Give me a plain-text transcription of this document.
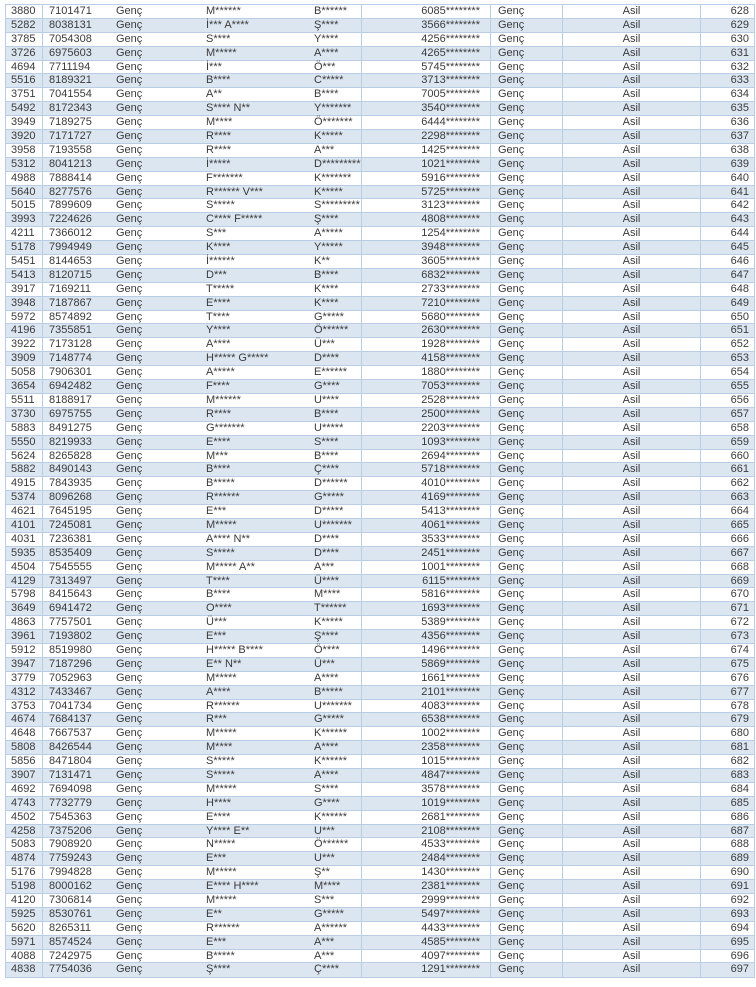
3880	7101471	Genç	M******	B******	6085********	Genç	Asil	628
5282	8038131	Genç	İ*** A****	Ş****	3566********	Genç	Asil	629
3785	7054308	Genç	S****	Y****	4256********	Genç	Asil	630
3726	6975603	Genç	M*****	A****	4265********	Genç	Asil	631
4694	7711194	Genç	İ***	Ö***	5745********	Genç	Asil	632
5516	8189321	Genç	B****	C*****	3713********	Genç	Asil	633
3751	7041554	Genç	A**	B****	7005********	Genç	Asil	634
5492	8172343	Genç	S**** N**	Y*******	3540********	Genç	Asil	635
3949	7189275	Genç	M****	Ö*******	6444********	Genç	Asil	636
3920	7171727	Genç	R****	K*****	2298********	Genç	Asil	637
3958	7193558	Genç	R****	A***	1425********	Genç	Asil	638
5312	8041213	Genç	İ*****	D*********	1021********	Genç	Asil	639
4988	7888414	Genç	F*******	K*******	5916********	Genç	Asil	640
5640	8277576	Genç	R****** V***	K*****	5725********	Genç	Asil	641
5015	7899609	Genç	S*****	S*********	3123********	Genç	Asil	642
3993	7224626	Genç	C**** F*****	Ş****	4808********	Genç	Asil	643
4211	7366012	Genç	S***	A*****	1254********	Genç	Asil	644
5178	7994949	Genç	K****	Y*****	3948********	Genç	Asil	645
5451	8144653	Genç	İ******	K**	3605********	Genç	Asil	646
5413	8120715	Genç	D***	B****	6832********	Genç	Asil	647
3917	7169211	Genç	T*****	K****	2733********	Genç	Asil	648
3948	7187867	Genç	E****	K****	7210********	Genç	Asil	649
5972	8574892	Genç	T****	G*****	5680********	Genç	Asil	650
4196	7355851	Genç	Y****	Ö******	2630********	Genç	Asil	651
3922	7173128	Genç	A****	Ü***	1928********	Genç	Asil	652
3909	7148774	Genç	H***** G*****	D****	4158********	Genç	Asil	653
5058	7906301	Genç	A*****	E******	1880********	Genç	Asil	654
3654	6942482	Genç	F****	G****	7053********	Genç	Asil	655
5511	8188917	Genç	M******	U****	2528********	Genç	Asil	656
3730	6975755	Genç	R****	B****	2500********	Genç	Asil	657
5883	8491275	Genç	G*******	U*****	2203********	Genç	Asil	658
5550	8219933	Genç	E****	S****	1093********	Genç	Asil	659
5624	8265828	Genç	M***	B****	2694********	Genç	Asil	660
5882	8490143	Genç	B****	Ç****	5718********	Genç	Asil	661
4915	7843935	Genç	B*****	D******	4010********	Genç	Asil	662
5374	8096268	Genç	R******	G*****	4169********	Genç	Asil	663
4621	7645195	Genç	E***	D*****	5413********	Genç	Asil	664
4101	7245081	Genç	M*****	U*******	4061********	Genç	Asil	665
4031	7236381	Genç	A**** N**	D****	3533********	Genç	Asil	666
5935	8535409	Genç	S*****	D****	2451********	Genç	Asil	667
4504	7545555	Genç	M***** A**	A***	1001********	Genç	Asil	668
4129	7313497	Genç	T****	Ü****	6115********	Genç	Asil	669
5798	8415643	Genç	B****	M****	5816********	Genç	Asil	670
3649	6941472	Genç	O****	T******	1693********	Genç	Asil	671
4863	7757501	Genç	Ü***	K*****	5389********	Genç	Asil	672
3961	7193802	Genç	E***	Ş****	4356********	Genç	Asil	673
5912	8519980	Genç	H***** B****	Ö****	1496********	Genç	Asil	674
3947	7187296	Genç	E** N**	Ü***	5869********	Genç	Asil	675
3779	7052963	Genç	M*****	A****	1661********	Genç	Asil	676
4312	7433467	Genç	A****	B*****	2101********	Genç	Asil	677
3753	7041734	Genç	R******	U*******	4083********	Genç	Asil	678
4674	7684137	Genç	R***	G*****	6538********	Genç	Asil	679
4648	7667537	Genç	M*****	K******	1002********	Genç	Asil	680
5808	8426544	Genç	M****	A****	2358********	Genç	Asil	681
5856	8471804	Genç	S*****	K******	1015********	Genç	Asil	682
3907	7131471	Genç	S*****	A****	4847********	Genç	Asil	683
4692	7694098	Genç	M*****	S****	3578********	Genç	Asil	684
4743	7732779	Genç	H****	G****	1019********	Genç	Asil	685
4502	7545363	Genç	E****	K******	2681********	Genç	Asil	686
4258	7375206	Genç	Y**** E**	U***	2108********	Genç	Asil	687
5083	7908920	Genç	N*****	Ö******	4533********	Genç	Asil	688
4874	7759243	Genç	E***	U***	2484********	Genç	Asil	689
5176	7994828	Genç	M*****	Ş**	1430********	Genç	Asil	690
5198	8000162	Genç	E**** H****	M****	2381********	Genç	Asil	691
4120	7306814	Genç	M*****	S***	2999********	Genç	Asil	692
5925	8530761	Genç	E**	G*****	5497********	Genç	Asil	693
5620	8265311	Genç	R******	A******	4433********	Genç	Asil	694
5971	8574524	Genç	E***	A***	4585********	Genç	Asil	695
4088	7242975	Genç	B*****	A***	4097********	Genç	Asil	696
4838	7754036	Genç	Ş****	Ç****	1291********	Genç	Asil	697
